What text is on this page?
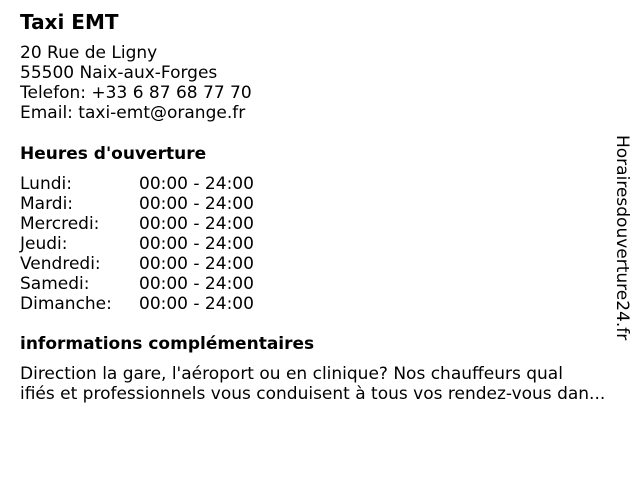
Taxi EMT
20 Rue de Ligny
55500 Naix-aux-Forges
Telefon: +33 6 87 68 77 70
Email: taxi-emt@orange.fr
Heures d'ouverture
Lundi:	00:00 - 24:00
Mardi:	00:00 - 24:00
Mercredi: 00:00 - 24:00
Jeudi:	00:00 - 24:00
Vendredi: 00:00 - 24:00
Samedi:	00:00 - 24:00
Dimanche: 00:00 - 24:00
informations complémentaires
Direction la gare, l'aéroport ou en clinique? Nos chauffeurs qual
ifiés et professionnels vous conduisent à tous vos rendez-vous dan...
Horairesdouverture24.fr
